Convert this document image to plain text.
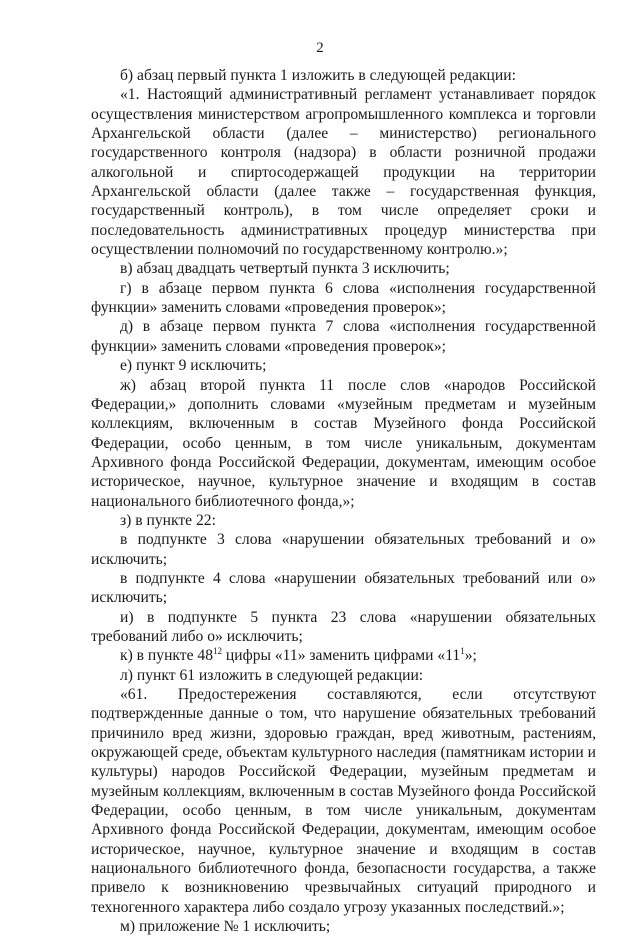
2

б) абзац первый пункта 1 изложить в следующей редакции:

«1. Настоящий административный регламент устанавливает порядок осуществления министерством агропромышленного комплекса и торговли Архангельской области (далее – министерство) регионального государственного контроля (надзора) в области розничной продажи алкогольной и спиртосодержащей продукции на территории Архангельской области (далее также – государственная функция, государственный контроль), в том числе определяет сроки и последовательность административных процедур министерства при осуществлении полномочий по государственному контролю.»;

в) абзац двадцать четвертый пункта 3 исключить;

г) в абзаце первом пункта 6 слова «исполнения государственной функции» заменить словами «проведения проверок»;

д) в абзаце первом пункта 7 слова «исполнения государственной функции» заменить словами «проведения проверок»;

е) пункт 9 исключить;

ж) абзац второй пункта 11 после слов «народов Российской Федерации,» дополнить словами «музейным предметам и музейным коллекциям, включенным в состав Музейного фонда Российской Федерации, особо ценным, в том числе уникальным, документам Архивного фонда Российской Федерации, документам, имеющим особое историческое, научное, культурное значение и входящим в состав национального библиотечного фонда,»;

з) в пункте 22:

в подпункте 3 слова «нарушении обязательных требований и о» исключить;

в подпункте 4 слова «нарушении обязательных требований или о» исключить;

и) в подпункте 5 пункта 23 слова «нарушении обязательных требований либо о» исключить;

к) в пункте $48^{12}$ цифры «11» заменить цифрами «$11^1$»;

л) пункт 61 изложить в следующей редакции:

«61. Предостережения составляются, если отсутствуют подтвержденные данные о том, что нарушение обязательных требований причинило вред жизни, здоровью граждан, вред животным, растениям, окружающей среде, объектам культурного наследия (памятникам истории и культуры) народов Российской Федерации, музейным предметам и музейным коллекциям, включенным в состав Музейного фонда Российской Федерации, особо ценным, в том числе уникальным, документам Архивного фонда Российской Федерации, документам, имеющим особое историческое, научное, культурное значение и входящим в состав национального библиотечного фонда, безопасности государства, а также привело к возникновению чрезвычайных ситуаций природного и техногенного характера либо создало угрозу указанных последствий.»;

м) приложение № 1 исключить;
